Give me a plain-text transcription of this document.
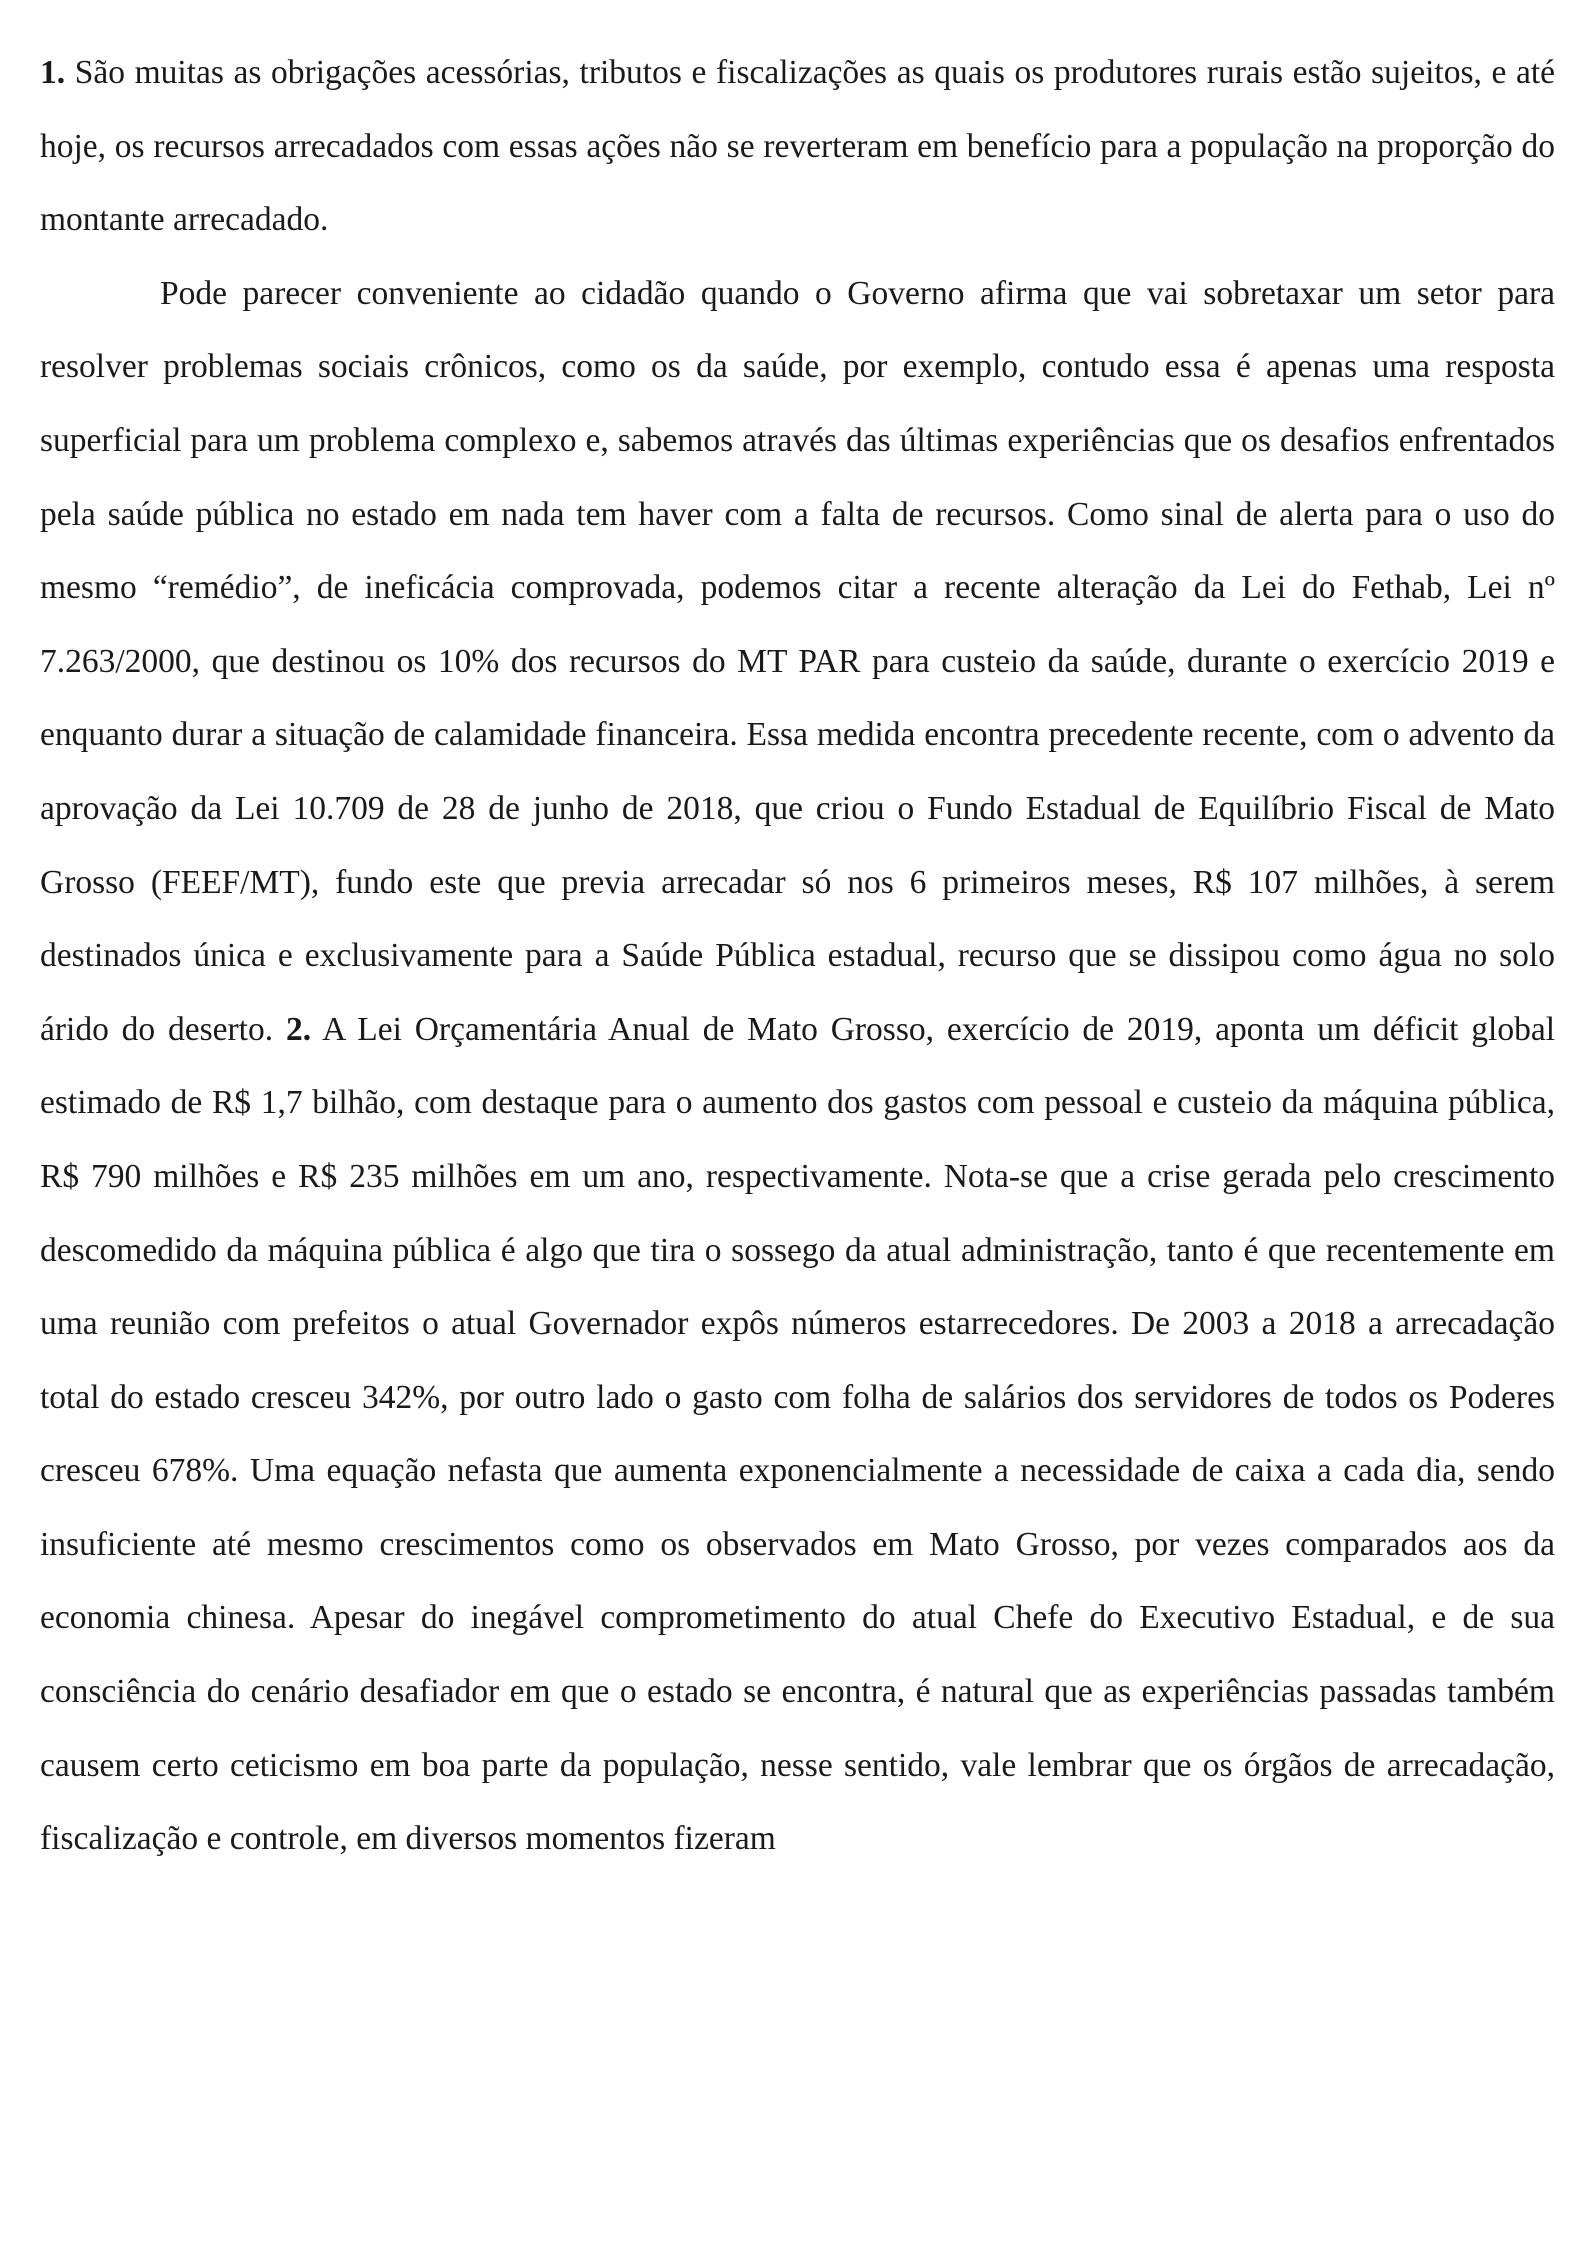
1. São muitas as obrigações acessórias, tributos e fiscalizações as quais os produtores rurais estão sujeitos, e até hoje, os recursos arrecadados com essas ações não se reverteram em benefício para a população na proporção do montante arrecadado.

Pode parecer conveniente ao cidadão quando o Governo afirma que vai sobretaxar um setor para resolver problemas sociais crônicos, como os da saúde, por exemplo, contudo essa é apenas uma resposta superficial para um problema complexo e, sabemos através das últimas experiências que os desafios enfrentados pela saúde pública no estado em nada tem haver com a falta de recursos. Como sinal de alerta para o uso do mesmo “remédio”, de ineficácia comprovada, podemos citar a recente alteração da Lei do Fethab, Lei nº 7.263/2000, que destinou os 10% dos recursos do MT PAR para custeio da saúde, durante o exercício 2019 e enquanto durar a situação de calamidade financeira. Essa medida encontra precedente recente, com o advento da aprovação da Lei 10.709 de 28 de junho de 2018, que criou o Fundo Estadual de Equilíbrio Fiscal de Mato Grosso (FEEF/MT), fundo este que previa arrecadar só nos 6 primeiros meses, R$ 107 milhões, à serem destinados única e exclusivamente para a Saúde Pública estadual, recurso que se dissipou como água no solo árido do deserto. 2. A Lei Orçamentária Anual de Mato Grosso, exercício de 2019, aponta um déficit global estimado de R$ 1,7 bilhão, com destaque para o aumento dos gastos com pessoal e custeio da máquina pública, R$ 790 milhões e R$ 235 milhões em um ano, respectivamente. Nota-se que a crise gerada pelo crescimento descomedido da máquina pública é algo que tira o sossego da atual administração, tanto é que recentemente em uma reunião com prefeitos o atual Governador expôs números estarrecedores. De 2003 a 2018 a arrecadação total do estado cresceu 342%, por outro lado o gasto com folha de salários dos servidores de todos os Poderes cresceu 678%. Uma equação nefasta que aumenta exponencialmente a necessidade de caixa a cada dia, sendo insuficiente até mesmo crescimentos como os observados em Mato Grosso, por vezes comparados aos da economia chinesa. Apesar do inegável comprometimento do atual Chefe do Executivo Estadual, e de sua consciência do cenário desafiador em que o estado se encontra, é natural que as experiências passadas também causem certo ceticismo em boa parte da população, nesse sentido, vale lembrar que os órgãos de arrecadação, fiscalização e controle, em diversos momentos fizeram
